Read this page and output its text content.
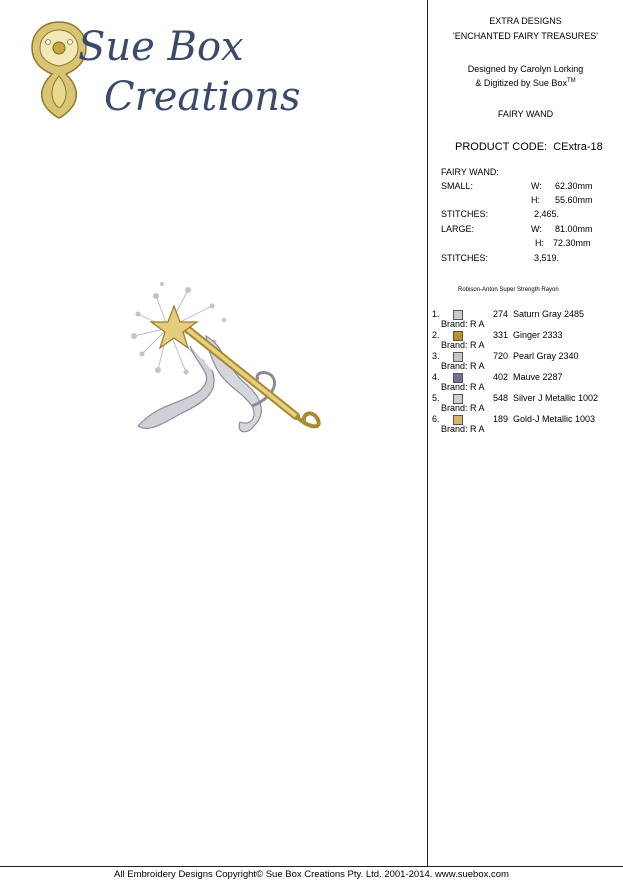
Sue Box
Creations
EXTRA DESIGNS
'ENCHANTED FAIRY TREASURES'
Designed by Carolyn Lorking
& Digitized by Sue Box™
FAIRY WAND
PRODUCT CODE: CExtra-18
FAIRY WAND:
SMALL:	W: 62.30mm
H: 55.60mm
STITCHES:	2,465.
LARGE:	W: 81.00mm
H: 72.30mm
STITCHES:	3,519.
Robison-Anton Super Strength Rayon
1.	274 Saturn Gray 2485
Brand: R A
2.	331 Ginger 2333
Brand: R A
3.	720 Pearl Gray 2340
Brand: R A
4.	402 Mauve 2287
Brand: R A
5.	548 Silver J Metallic 1002
Brand: R A
6.	189 Gold-J Metallic 1003
Brand: R A
All Embroidery Designs Copyright© Sue Box Creations Pty. Ltd. 2001-2014. www.suebox.com
